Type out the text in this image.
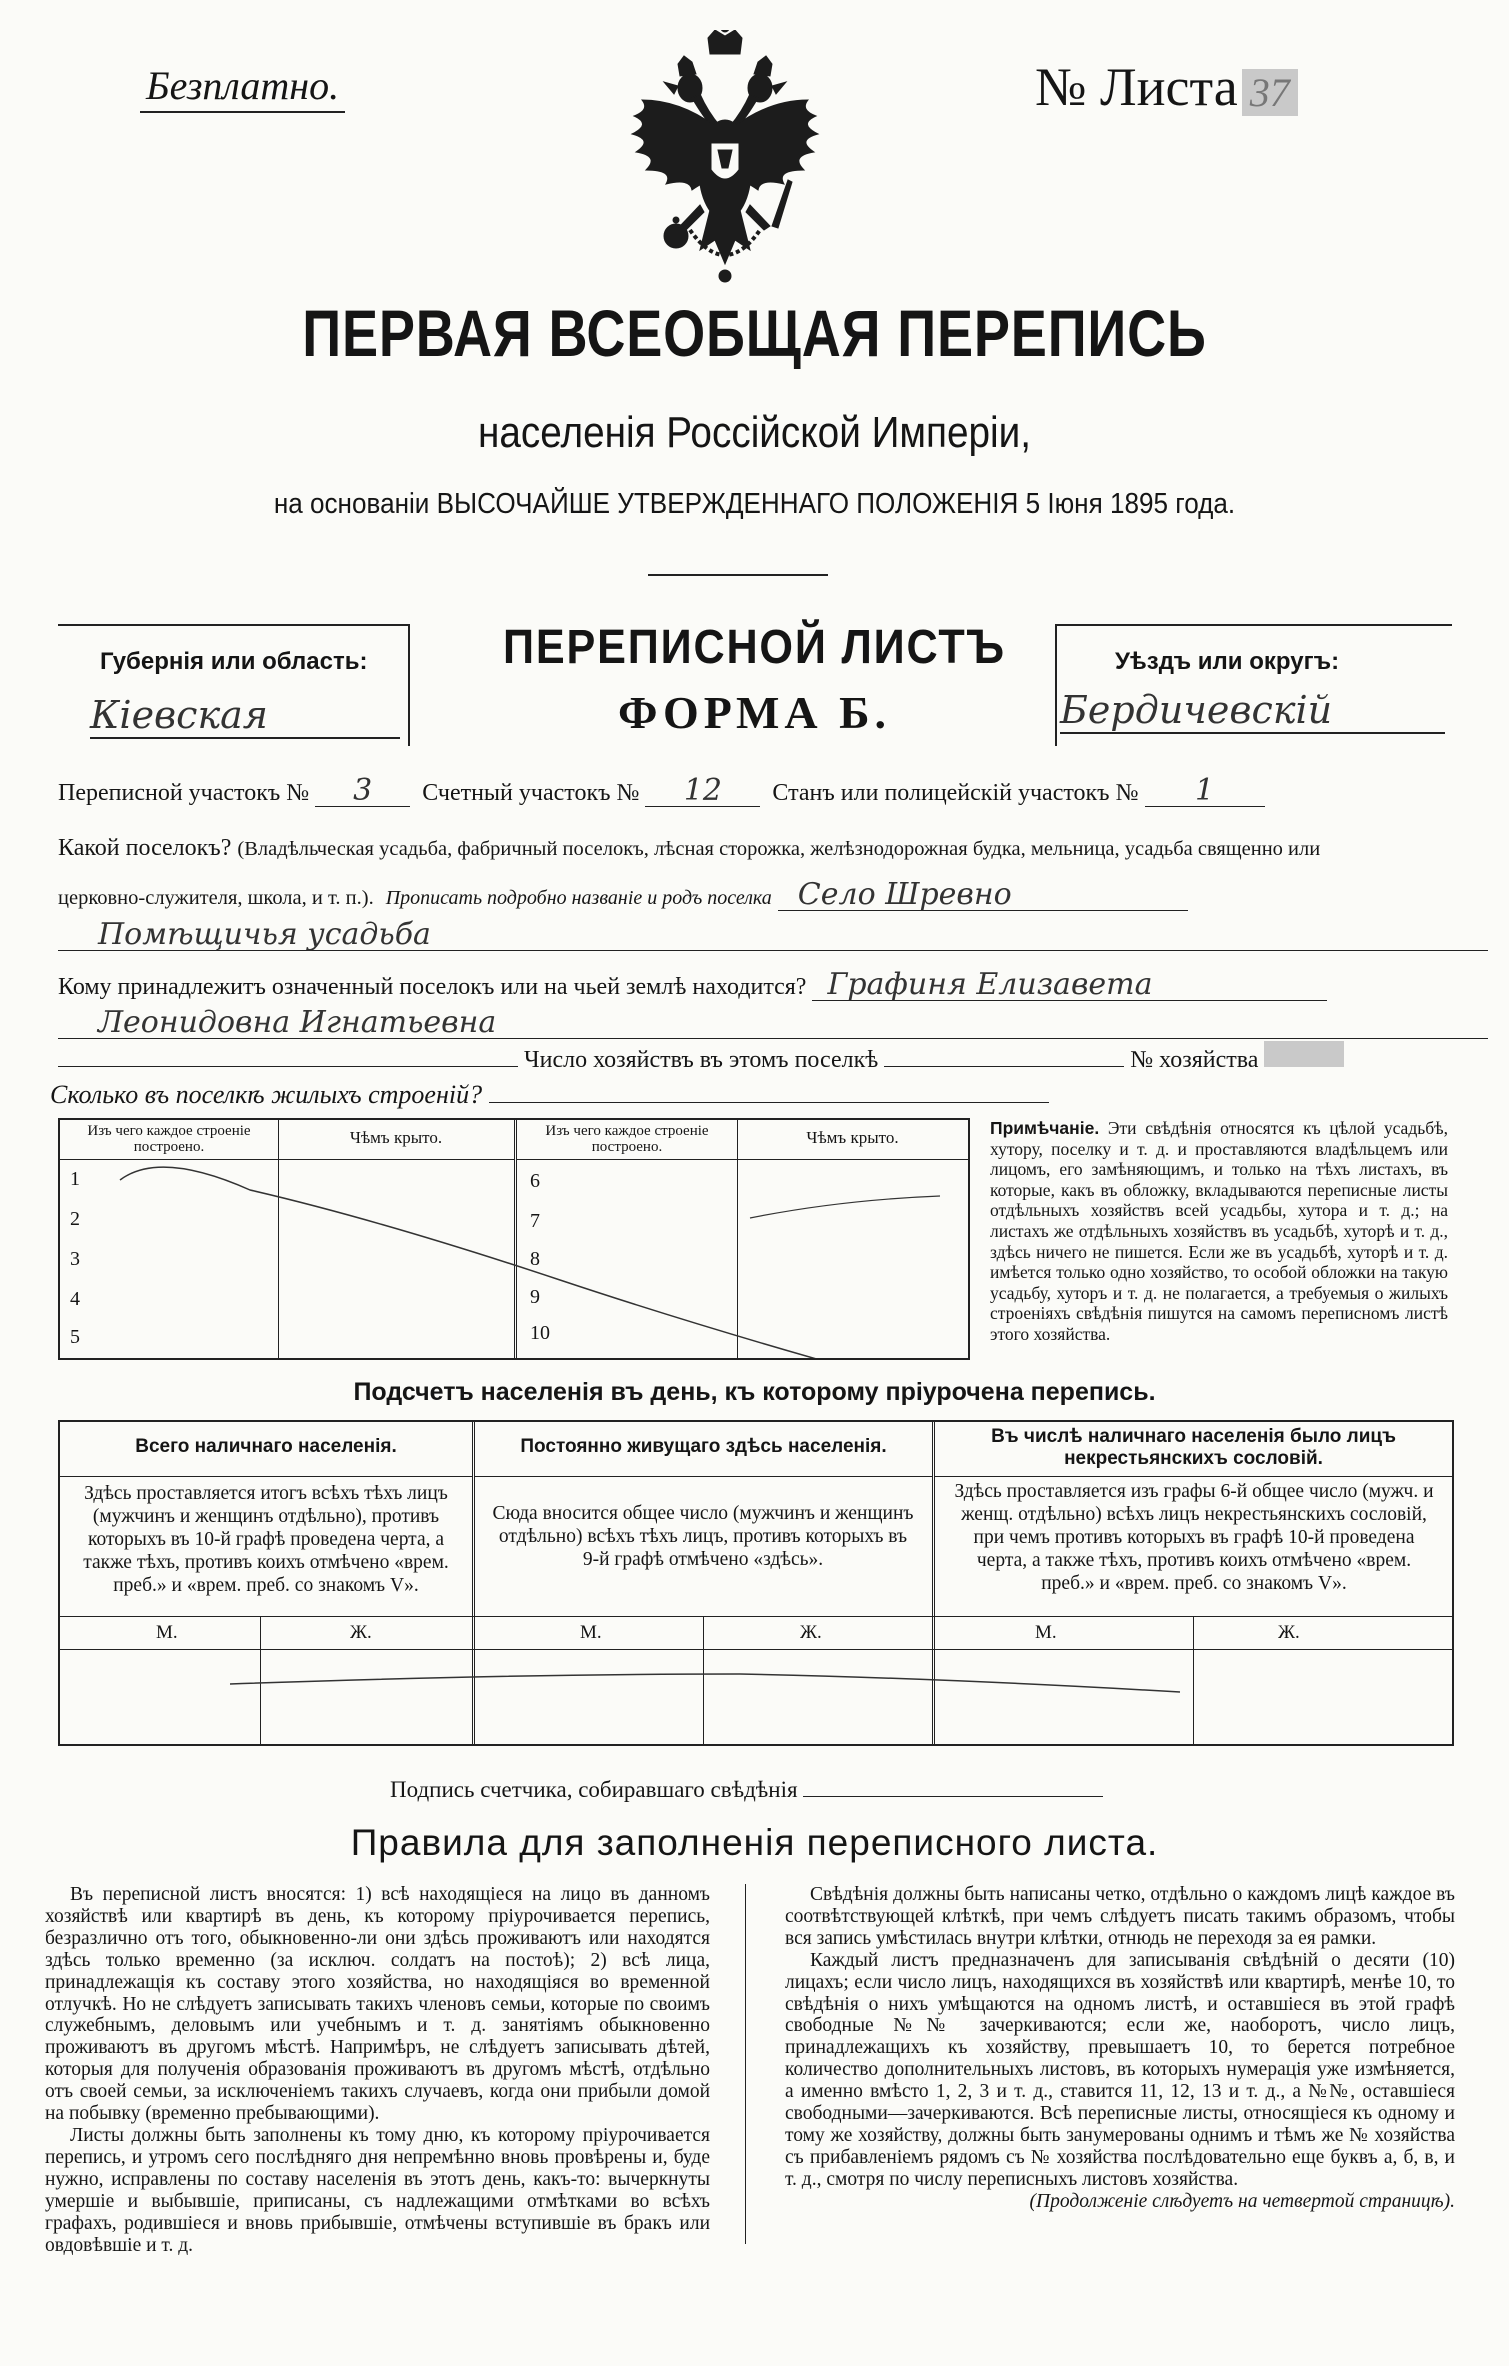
Безплатно.	№ Листа 37
ПЕРВАЯ ВСЕОБЩАЯ ПЕРЕПИСЬ
населенія Россійской Имперіи,
на основаніи ВЫСОЧАЙШЕ УТВЕРЖДЕННАГО ПОЛОЖЕНІЯ 5 Іюня 1895 года.
Губернія или область:
Кіевская
Уѣздъ или округъ:
Бердичевскій
ПЕРЕПИСНОЙ ЛИСТЪ
ФОРМА Б.
Переписной участокъ № 3 Счетный участокъ № 12 Станъ или полицейскій участокъ № 1
Какой поселокъ? (Владѣльческая усадьба, фабричный поселокъ, лѣсная сторожка, желѣзнодорожная будка, мельница, усадьба священно или
церковно-служителя, школа, и т. п.). Прописать подробно названіе и родъ поселка Село Шревно
Помѣщичья усадьба
Кому принадлежитъ означенный поселокъ или на чьей землѣ находится? Графиня Елизавета
Леонидовна Игнатьевна
Число хозяйствъ въ этомъ поселкѣ	№ хозяйства
Сколько въ поселкѣ жилыхъ строеній?
Изъ чего каждое строеніе построено.	Чѣмъ крыто.	Изъ чего каждое строеніе построено.	Чѣмъ крыто.
1
2
3
4
5
6
7
8
9
10
Примѣчаніе. Эти свѣдѣнія относятся къ цѣлой усадьбѣ, хутору, поселку и т. д. и проставляются владѣльцемъ или лицомъ, его замѣняющимъ, и только на тѣхъ листахъ, въ которые, какъ въ обложку, вкладываются переписные листы отдѣльныхъ хозяйствъ всей усадьбы, хутора и т. д.; на листахъ же отдѣльныхъ хозяйствъ въ усадьбѣ, хуторѣ и т. д., здѣсь ничего не пишется. Если же въ усадьбѣ, хуторѣ и т. д. имѣется только одно хозяйство, то особой обложки на такую усадьбу, хуторъ и т. д. не полагается, а требуемыя о жилыхъ строеніяхъ свѣдѣнія пишутся на самомъ переписномъ листѣ этого хозяйства.
Подсчетъ населенія въ день, къ которому пріурочена перепись.
Всего наличнаго населенія.	Постоянно живущаго здѣсь населенія.	Въ числѣ наличнаго населенія было лицъ некрестьянскихъ сословій.
Здѣсь проставляется итогъ всѣхъ тѣхъ лицъ (мужчинъ и женщинъ отдѣльно), противъ которыхъ въ 10-й графѣ проведена черта, а также тѣхъ, противъ коихъ отмѣчено «врем. преб.» и «врем. преб. со знакомъ V».
Сюда вносится общее число (мужчинъ и женщинъ отдѣльно) всѣхъ тѣхъ лицъ, противъ которыхъ въ 9-й графѣ отмѣчено «здѣсь».
Здѣсь проставляется изъ графы 6-й общее число (мужч. и женщ. отдѣльно) всѣхъ лицъ некрестьянскихъ сословій, при чемъ противъ которыхъ въ графѣ 10-й проведена черта, а также тѣхъ, противъ коихъ отмѣчено «врем. преб.» и «врем. преб. со знакомъ V».
М.	Ж.	М.	Ж.	М.	Ж.
Подпись счетчика, собиравшаго свѣдѣнія
Правила для заполненія переписного листа.

Въ переписной листъ вносятся: 1) всѣ находящіеся на лицо въ данномъ хозяйствѣ или квартирѣ въ день, къ которому пріурочивается перепись, безразлично отъ того, обыкновенно-ли они здѣсь проживаютъ или находятся здѣсь только временно (за исключ. солдатъ на постоѣ); 2) всѣ лица, принадлежащія къ составу этого хозяйства, но находящіяся во временной отлучкѣ. Но не слѣдуетъ записывать такихъ членовъ семьи, которые по своимъ служебнымъ, деловымъ или учебнымъ и т. д. занятіямъ обыкновенно проживаютъ въ другомъ мѣстѣ. Напримѣръ, не слѣдуетъ записывать дѣтей, которыя для полученія образованія проживаютъ въ другомъ мѣстѣ, отдѣльно отъ своей семьи, за исключеніемъ такихъ случаевъ, когда они прибыли домой на побывку (временно пребывающими).

Листы должны быть заполнены къ тому дню, къ которому пріурочивается перепись, и утромъ сего послѣдняго дня непремѣнно вновь провѣрены и, буде нужно, исправлены по составу населенія въ этотъ день, какъ-то: вычеркнуты умершіе и выбывшіе, приписаны, съ надлежащими отмѣтками во всѣхъ графахъ, родившіеся и вновь прибывшіе, отмѣчены вступившіе въ бракъ или овдовѣвшіе и т. д.

Свѣдѣнія должны быть написаны четко, отдѣльно о каждомъ лицѣ каждое въ соотвѣтствующей клѣткѣ, при чемъ слѣдуетъ писать такимъ образомъ, чтобы вся запись умѣстилась внутри клѣтки, отнюдь не переходя за ея рамки.

Каждый листъ предназначенъ для записыванія свѣдѣній о десяти (10) лицахъ; если число лицъ, находящихся въ хозяйствѣ или квартирѣ, менѣе 10, то свѣдѣнія о нихъ умѣщаются на одномъ листѣ, и оставшіеся въ этой графѣ свободные №№ зачеркиваются; если же, наоборотъ, число лицъ, принадлежащихъ къ хозяйству, превышаетъ 10, то берется потребное количество дополнительныхъ листовъ, въ которыхъ нумерація уже измѣняется, а именно вмѣсто 1, 2, 3 и т. д., ставится 11, 12, 13 и т. д., а №№, оставшіеся свободными—зачеркиваются. Всѣ переписные листы, относящіеся къ одному и тому же хозяйству, должны быть занумерованы однимъ и тѣмъ же № хозяйства съ прибавленіемъ рядомъ съ № хозяйства послѣдовательно еще буквъ а, б, в, и т. д., смотря по числу переписныхъ листовъ хозяйства.

(Продолженіе слѣдуетъ на четвертой страницѣ).
